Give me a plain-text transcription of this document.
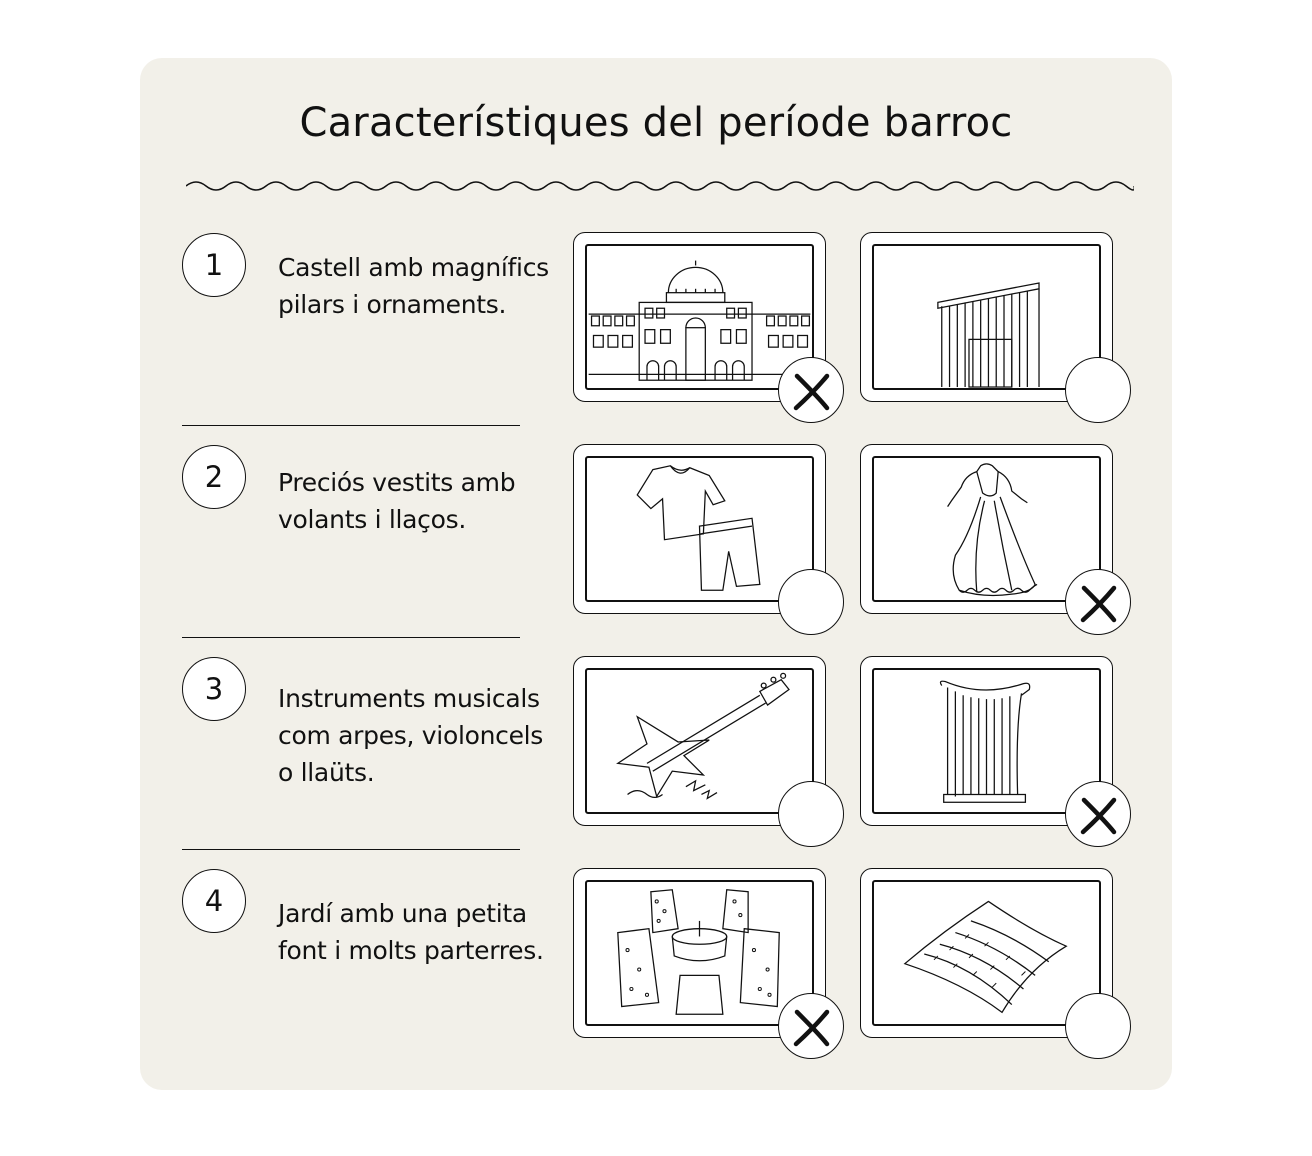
Característiques del període barroc
1	Castell amb magnífics
pilars i ornaments.
2	Preciós vestits amb
volants i llaços.
3	Instruments musicals
com arpes, violoncels
o llaüts.
4	Jardí amb una petita
font i molts parterres.
